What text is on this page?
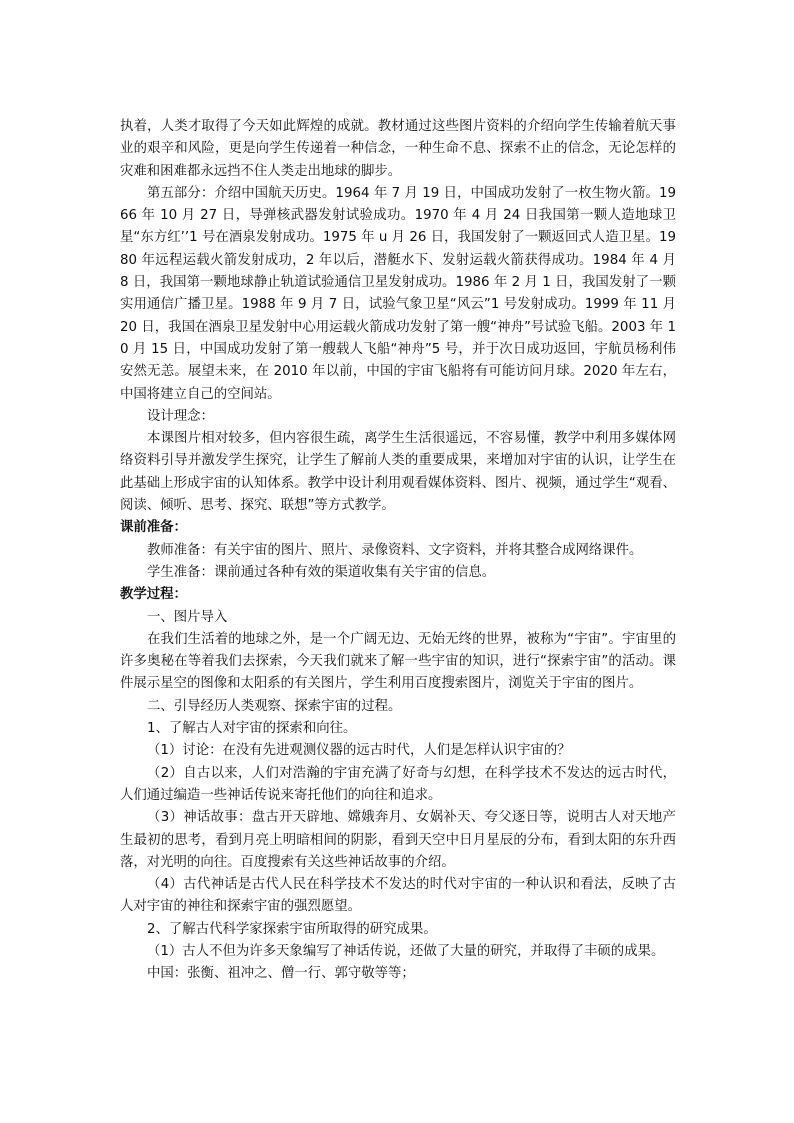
执着，人类才取得了今天如此辉煌的成就。教材通过这些图片资料的介绍向学生传输着航天事业的艰辛和风险，更是向学生传递着一种信念，一种生命不息、探索不止的信念，无论怎样的灾难和困难都永远挡不住人类走出地球的脚步。

第五部分：介绍中国航天历史。1964 年 7 月 19 日，中国成功发射了一枚生物火箭。1966 年 10 月 27 日，导弹核武器发射试验成功。1970 年 4 月 24 日我国第一颗人造地球卫星“东方红’’1 号在酒泉发射成功。1975 年 u 月 26 日，我国发射了一颗返回式人造卫星。1980 年远程运载火箭发射成功，2 年以后，潜艇水下、发射运载火箭获得成功。1984 年 4 月 8 日，我国第一颗地球静止轨道试验通信卫星发射成功。1986 年 2 月 1 日，我国发射了一颗实用通信广播卫星。1988 年 9 月 7 日，试验气象卫星“风云”1 号发射成功。1999 年 11 月 20 日，我国在酒泉卫星发射中心用运载火箭成功发射了第一艘“神舟”号试验飞船。2003 年 10 月 15 日，中国成功发射了第一艘载人飞船“神舟”5 号，并于次日成功返回，宇航员杨利伟安然无恙。展望未来，在 2010 年以前，中国的宇宙飞船将有可能访问月球。2020 年左右，中国将建立自己的空间站。

设计理念：

本课图片相对较多，但内容很生疏，离学生生活很遥远，不容易懂，教学中利用多媒体网络资料引导并激发学生探究，让学生了解前人类的重要成果，来增加对宇宙的认识，让学生在此基础上形成宇宙的认知体系。教学中设计利用观看媒体资料、图片、视频，通过学生“观看、阅读、倾听、思考、探究、联想”等方式教学。

课前准备：

教师准备：有关宇宙的图片、照片、录像资料、文字资料，并将其整合成网络课件。

学生准备：课前通过各种有效的渠道收集有关宇宙的信息。

教学过程：

一、图片导入

在我们生活着的地球之外，是一个广阔无边、无始无终的世界，被称为“宇宙”。宇宙里的许多奥秘在等着我们去探索，今天我们就来了解一些宇宙的知识，进行“探索宇宙”的活动。课件展示星空的图像和太阳系的有关图片，学生利用百度搜索图片，浏览关于宇宙的图片。

二、引导经历人类观察、探索宇宙的过程。

1、了解古人对宇宙的探索和向往。

（1）讨论：在没有先进观测仪器的远古时代，人们是怎样认识宇宙的？

（2）自古以来，人们对浩瀚的宇宙充满了好奇与幻想，在科学技术不发达的远古时代，人们通过编造一些神话传说来寄托他们的向往和追求。

（3）神话故事：盘古开天辟地、嫦娥奔月、女娲补天、夸父逐日等，说明古人对天地产生最初的思考，看到月亮上明暗相间的阴影，看到天空中日月星辰的分布，看到太阳的东升西落，对光明的向往。百度搜索有关这些神话故事的介绍。

（4）古代神话是古代人民在科学技术不发达的时代对宇宙的一种认识和看法，反映了古人对宇宙的神往和探索宇宙的强烈愿望。

2、了解古代科学家探索宇宙所取得的研究成果。

（1）古人不但为许多天象编写了神话传说，还做了大量的研究，并取得了丰硕的成果。

中国：张衡、祖冲之、僧一行、郭守敬等等；
